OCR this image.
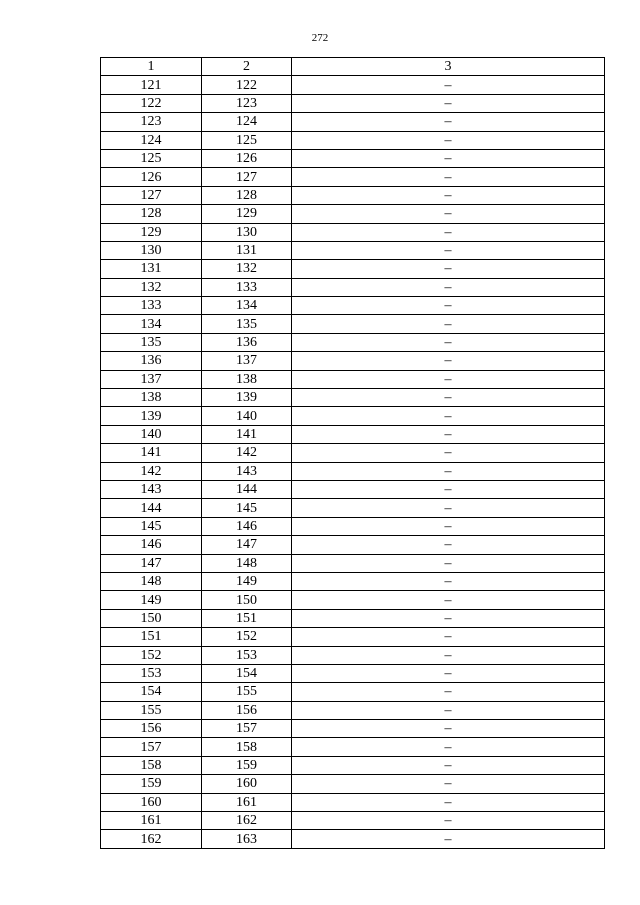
272
1	2	3
121	122	–
122	123	–
123	124	–
124	125	–
125	126	–
126	127	–
127	128	–
128	129	–
129	130	–
130	131	–
131	132	–
132	133	–
133	134	–
134	135	–
135	136	–
136	137	–
137	138	–
138	139	–
139	140	–
140	141	–
141	142	–
142	143	–
143	144	–
144	145	–
145	146	–
146	147	–
147	148	–
148	149	–
149	150	–
150	151	–
151	152	–
152	153	–
153	154	–
154	155	–
155	156	–
156	157	–
157	158	–
158	159	–
159	160	–
160	161	–
161	162	–
162	163	–
